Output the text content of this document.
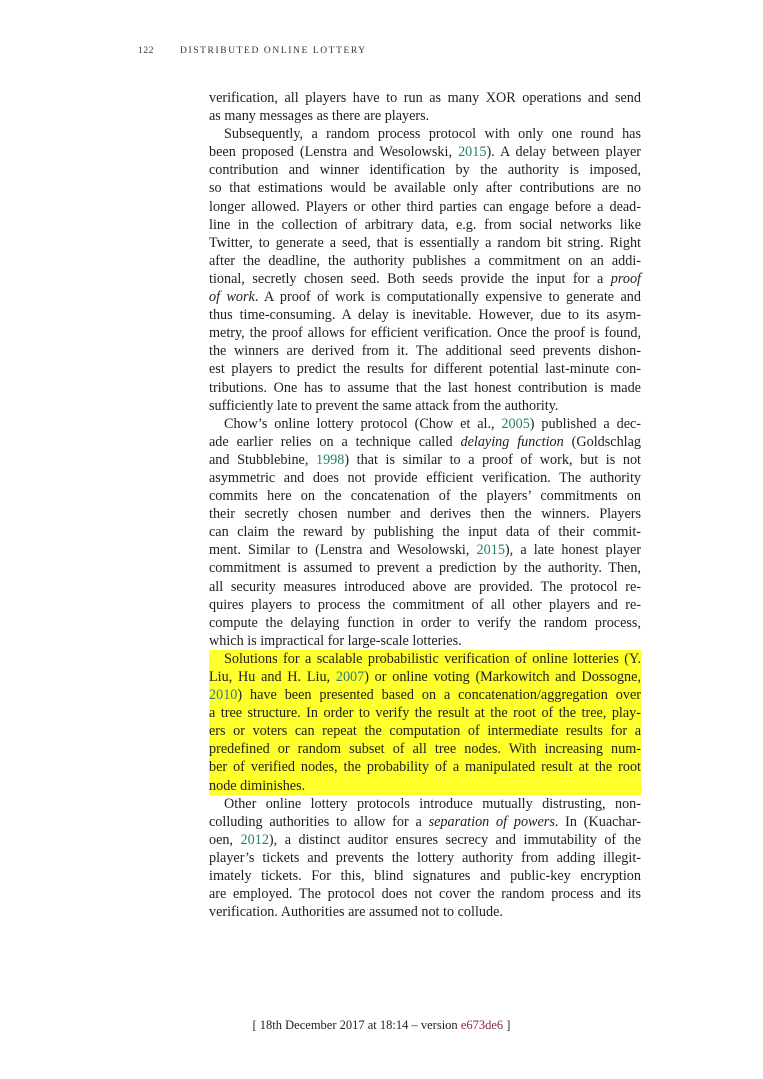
122	DISTRIBUTED ONLINE LOTTERY
verification, all players have to run as many XOR operations and send
as many messages as there are players.
Subsequently, a random process protocol with only one round has
been proposed (Lenstra and Wesolowski, 2015). A delay between player
contribution and winner identification by the authority is imposed,
so that estimations would be available only after contributions are no
longer allowed. Players or other third parties can engage before a dead-
line in the collection of arbitrary data, e.g. from social networks like
Twitter, to generate a seed, that is essentially a random bit string. Right
after the deadline, the authority publishes a commitment on an addi-
tional, secretly chosen seed. Both seeds provide the input for a proof
of work. A proof of work is computationally expensive to generate and
thus time-consuming. A delay is inevitable. However, due to its asym-
metry, the proof allows for efficient verification. Once the proof is found,
the winners are derived from it. The additional seed prevents dishon-
est players to predict the results for different potential last-minute con-
tributions. One has to assume that the last honest contribution is made
sufficiently late to prevent the same attack from the authority.
Chow’s online lottery protocol (Chow et al., 2005) published a dec-
ade earlier relies on a technique called delaying function (Goldschlag
and Stubblebine, 1998) that is similar to a proof of work, but is not
asymmetric and does not provide efficient verification. The authority
commits here on the concatenation of the players’ commitments on
their secretly chosen number and derives then the winners. Players
can claim the reward by publishing the input data of their commit-
ment. Similar to (Lenstra and Wesolowski, 2015), a late honest player
commitment is assumed to prevent a prediction by the authority. Then,
all security measures introduced above are provided. The protocol re-
quires players to process the commitment of all other players and re-
compute the delaying function in order to verify the random process,
which is impractical for large-scale lotteries.
Solutions for a scalable probabilistic verification of online lotteries (Y.
Liu, Hu and H. Liu, 2007) or online voting (Markowitch and Dossogne,
2010) have been presented based on a concatenation/aggregation over
a tree structure. In order to verify the result at the root of the tree, play-
ers or voters can repeat the computation of intermediate results for a
predefined or random subset of all tree nodes. With increasing num-
ber of verified nodes, the probability of a manipulated result at the root
node diminishes.
Other online lottery protocols introduce mutually distrusting, non-
colluding authorities to allow for a separation of powers. In (Kuachar-
oen, 2012), a distinct auditor ensures secrecy and immutability of the
player’s tickets and prevents the lottery authority from adding illegit-
imately tickets. For this, blind signatures and public-key encryption
are employed. The protocol does not cover the random process and its
verification. Authorities are assumed not to collude.
[ 18th December 2017 at 18:14 – version e673de6 ]
